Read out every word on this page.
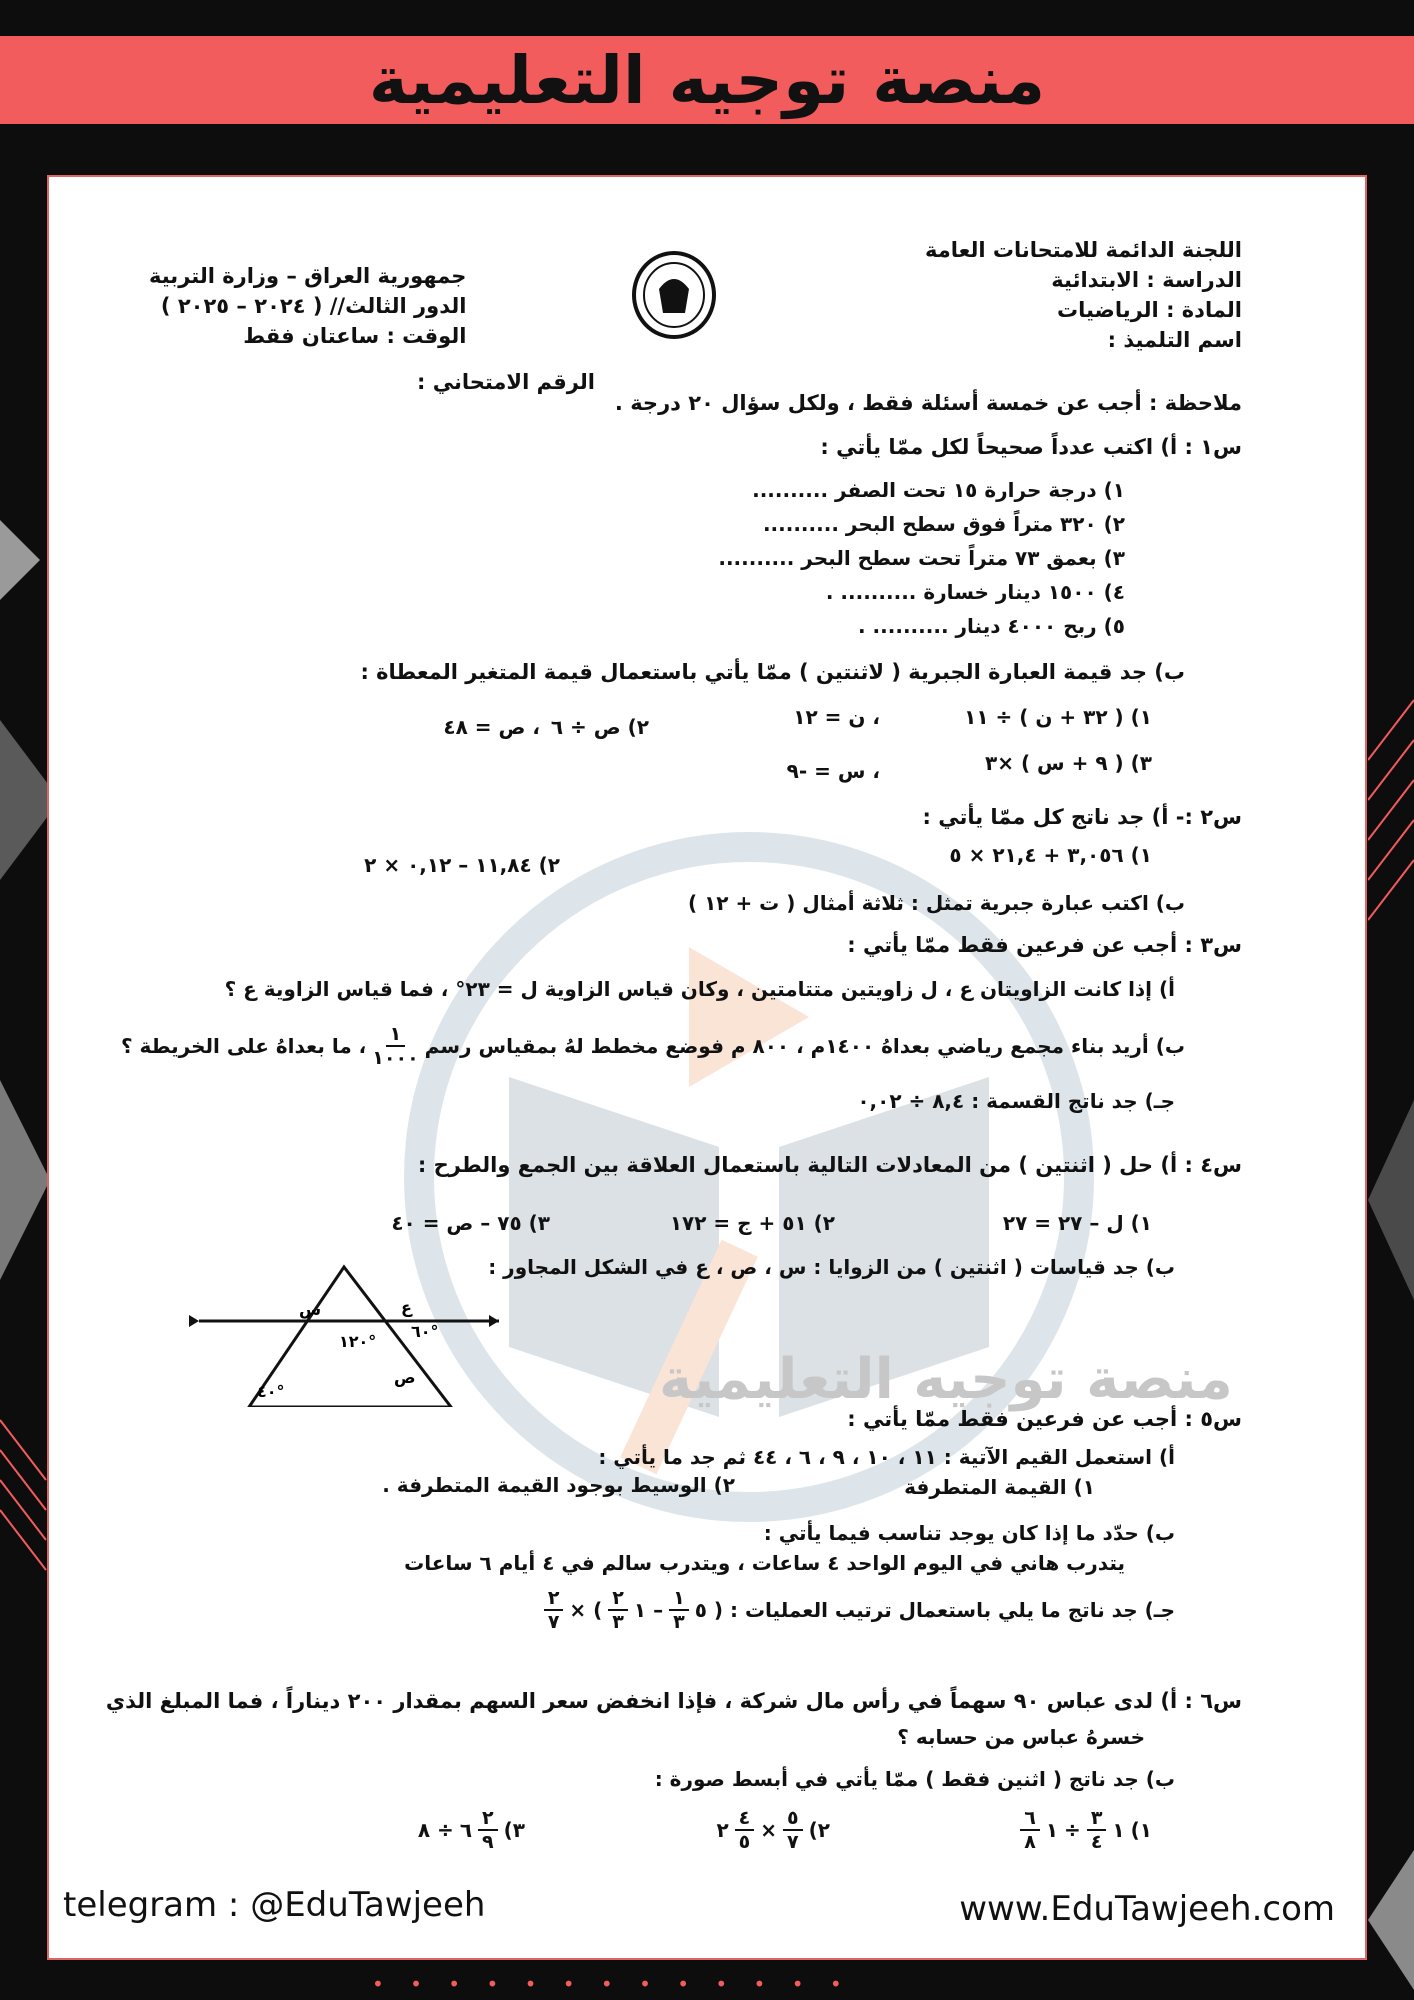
منصة توجيه التعليمية
منصة توجيه التعليمية
اللجنة الدائمة للامتحانات العامة
الدراسة : الابتدائية
المادة : الرياضيات
اسم التلميذ :
جمهورية العراق – وزارة التربية
الدور الثالث// ( ٢٠٢٤ – ٢٠٢٥ )
الوقت : ساعتان فقط
الرقم الامتحاني :
ملاحظة : أجب عن خمسة أسئلة فقط ، ولكل سؤال ٢٠ درجة .
س١ : أ) اكتب عدداً صحيحاً لكل ممّا يأتي :
١) درجة حرارة ١٥ تحت الصفر ..........
٢) ٣٢٠ متراً فوق سطح البحر ..........
٣) بعمق ٧٣ متراً تحت سطح البحر ..........
٤) ١٥٠٠ دينار خسارة .......... .
٥) ربح ٤٠٠٠ دينار .......... .
ب) جد قيمة العبارة الجبرية ( لاثنتين ) ممّا يأتي باستعمال قيمة المتغير المعطاة :
١) ( ٣٢ + ن ) ÷ ١١
، ن = ١٢
٢) ص ÷ ٦
، ص = ٤٨
٣) ( ٩ + س ) ×٣
، س = -٩
س٢ :- أ) جد ناتج كل ممّا يأتي :
١) ٣,٠٥٦ + ٢١,٤ × ٥
٢) ١١,٨٤ – ٠,١٢ × ٢
ب) اكتب عبارة جبرية تمثل : ثلاثة أمثال ( ت + ١٢ )
س٣ : أجب عن فرعين فقط ممّا يأتي :
أ) إذا كانت الزاويتان ع ، ل زاويتين متتامتين ، وكان قياس الزاوية ل = ٢٣° ، فما قياس الزاوية ع ؟
ب) أريد بناء مجمع رياضي بعداهُ ١٤٠٠م ، ٨٠٠ م فوضع مخطط لهُ بمقياس رسم
$\frac{١}{١٠٠٠}$
، ما بعداهُ على الخريطة ؟
جـ) جد ناتج القسمة : ٨,٤ ÷ ٠,٠٢
س٤ : أ) حل ( اثنتين ) من المعادلات التالية باستعمال العلاقة بين الجمع والطرح :
١) ل – ٢٧ = ٢٧
٢) ٥١ + ج = ١٧٢
٣) ٧٥ – ص = ٤٠
ب) جد قياسات ( اثنتين ) من الزوايا : س ، ص ، ع في الشكل المجاور :
س	ع
٦٠°
١٢٠°
ص
٤٠°
س٥ : أجب عن فرعين فقط ممّا يأتي :
أ) استعمل القيم الآتية : ١١ ، ١٠ ، ٩ ، ٦ ، ٤٤ ثم جد ما يأتي :
١) القيمة المتطرفة
٢) الوسيط بوجود القيمة المتطرفة .
ب) حدّد ما إذا كان يوجد تناسب فيما يأتي :
يتدرب هاني في اليوم الواحد ٤ ساعات ، ويتدرب سالم في ٤ أيام ٦ ساعات
جـ) جد ناتج ما يلي باستعمال ترتيب العمليات : ( ٥
$\frac{١}{٣}$
– ١
$\frac{٢}{٣}$
) ×
$\frac{٢}{٧}$
س٦ : أ) لدى عباس ٩٠ سهماً في رأس مال شركة ، فإذا انخفض سعر السهم بمقدار ٢٠٠ ديناراً ، فما المبلغ الذي
خسرهُ عباس من حسابه ؟
ب) جد ناتج ( اثنين فقط ) ممّا يأتي في أبسط صورة :
١)
١
$\frac{٣}{٤}$
÷
١
$\frac{٦}{٨}$
٢)
$\frac{٥}{٧}$
×
$\frac{٤}{٥}$
٢
٣)
$\frac{٢}{٩}$
٦
÷ ٨
telegram : @EduTawjeeh	www.EduTawjeeh.com
• • • • • • • • • • • • •
